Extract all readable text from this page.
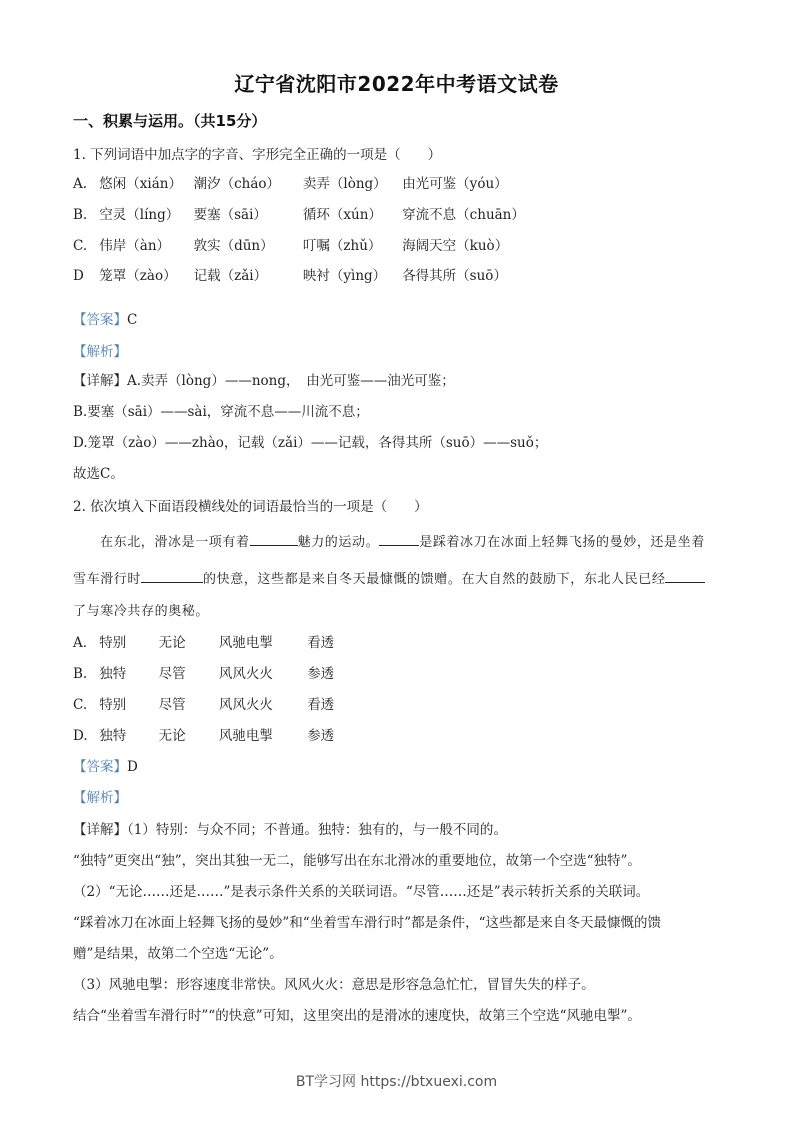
辽宁省沈阳市2022年中考语文试卷
一、积累与运用。（共15分）
1. 下列词语中加点字的字音、字形完全正确的一项是（　　）
A. 悠闲（xián） 潮汐（cháo） 卖弄（lòng） 由光可鉴（yóu）
B. 空灵（líng） 要塞（sāi）	循环（xún） 穿流不息（chuān）
C. 伟岸（àn） 敦实（dūn） 叮嘱（zhǔ） 海阔天空（kuò）
D 笼罩（zào） 记载（zǎi）	映衬（yìng） 各得其所（suō）
【答案】C
【解析】
【详解】A.卖弄（lòng）——nong，　由光可鉴——油光可鉴；
B.要塞（sāi）——sài，穿流不息——川流不息；
D.笼罩（zào）——zhào，记载（zǎi）——记载，各得其所（suō）——suǒ；
故选C。
2. 依次填入下面语段横线处的词语最恰当的一项是（　　）
在东北，滑冰是一项有着	魅力的运动。	是踩着冰刀在冰面上轻舞飞扬的曼妙，还是坐着
雪车滑行时	的快意，这些都是来自冬天最慷慨的馈赠。在大自然的鼓励下，东北人民已经
了与寒冷共存的奥秘。
A. 特别 无论 风驰电掣	看透
B. 独特 尽管 风风火火	参透
C. 特别 尽管 风风火火	看透
D. 独特 无论 风驰电掣	参透
【答案】D
【解析】
【详解】（1）特别：与众不同；不普通。独特：独有的，与一般不同的。
“独特”更突出“独”，突出其独一无二，能够写出在东北滑冰的重要地位，故第一个空选“独特”。
（2）“无论……还是……”是表示条件关系的关联词语。“尽管……还是”表示转折关系的关联词。
“踩着冰刀在冰面上轻舞飞扬的曼妙”和“坐着雪车滑行时”都是条件，“这些都是来自冬天最慷慨的馈
赠”是结果，故第二个空选“无论”。
（3）风驰电掣：形容速度非常快。风风火火：意思是形容急急忙忙，冒冒失失的样子。
结合“坐着雪车滑行时”“的快意”可知，这里突出的是滑冰的速度快，故第三个空选“风驰电掣”。
BT学习网 https://btxuexi.com
